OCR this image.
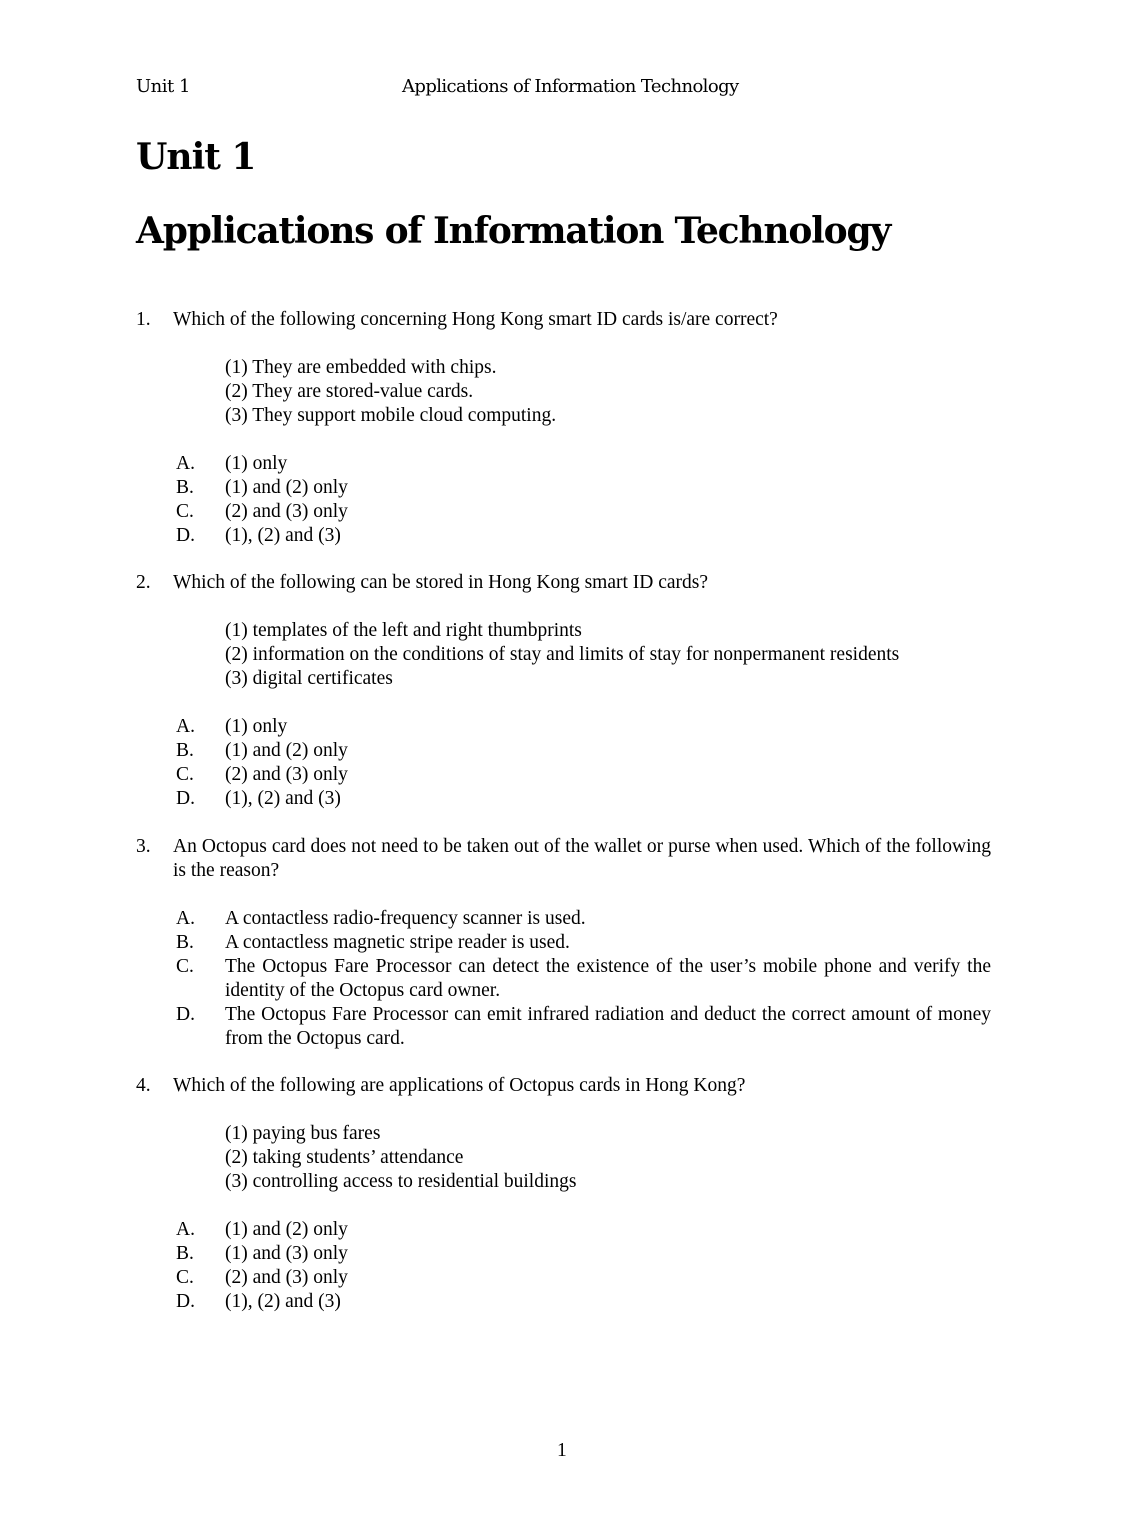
Unit 1	Applications of Information Technology
Unit 1
Applications of Information Technology
1. Which of the following concerning Hong Kong smart ID cards is/are correct?
(1) They are embedded with chips.
(2) They are stored-value cards.
(3) They support mobile cloud computing.
A. (1) only
B. (1) and (2) only
C. (2) and (3) only
D. (1), (2) and (3)
2. Which of the following can be stored in Hong Kong smart ID cards?
(1) templates of the left and right thumbprints
(2) information on the conditions of stay and limits of stay for nonpermanent residents
(3) digital certificates
A. (1) only
B. (1) and (2) only
C. (2) and (3) only
D. (1), (2) and (3)
3. An Octopus card does not need to be taken out of the wallet or purse when used. Which of the following is the reason?
A. A contactless radio-frequency scanner is used.
B. A contactless magnetic stripe reader is used.
C. The Octopus Fare Processor can detect the existence of the user’s mobile phone and verify the identity of the Octopus card owner.
D. The Octopus Fare Processor can emit infrared radiation and deduct the correct amount of money from the Octopus card.
4. Which of the following are applications of Octopus cards in Hong Kong?
(1) paying bus fares
(2) taking students’ attendance
(3) controlling access to residential buildings
A. (1) and (2) only
B. (1) and (3) only
C. (2) and (3) only
D. (1), (2) and (3)
1
